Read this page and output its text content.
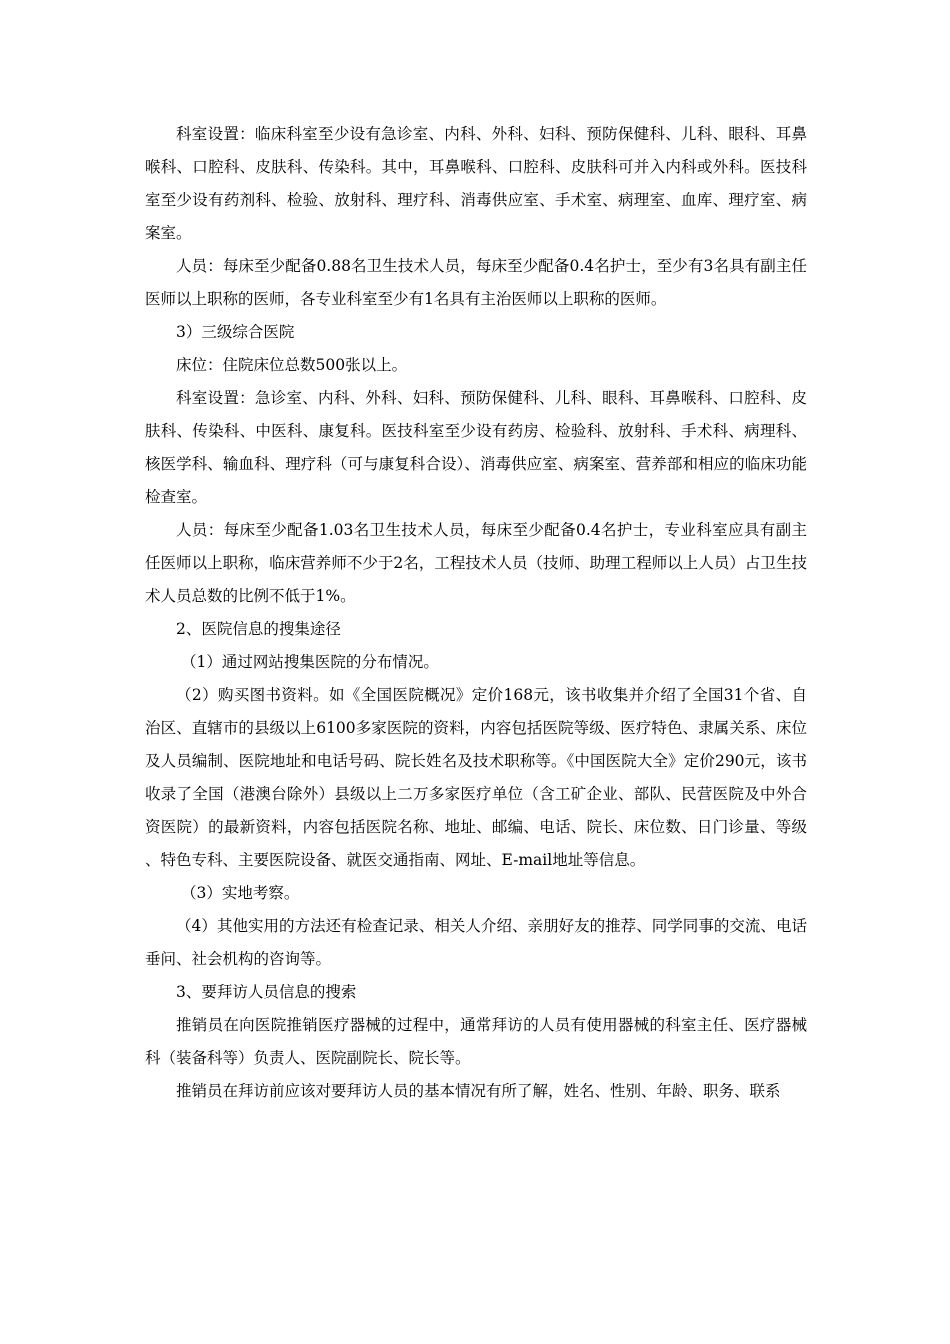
科室设置：临床科室至少设有急诊室、内科、外科、妇科、预防保健科、儿科、眼科、耳鼻喉科、口腔科、皮肤科、传染科。其中，耳鼻喉科、口腔科、皮肤科可并入内科或外科。医技科室至少设有药剂科、检验、放射科、理疗科、消毒供应室、手术室、病理室、血库、理疗室、病案室。

人员：每床至少配备0.88名卫生技术人员，每床至少配备0.4名护士，至少有3名具有副主任医师以上职称的医师，各专业科室至少有1名具有主治医师以上职称的医师。

3）三级综合医院

床位：住院床位总数500张以上。

科室设置：急诊室、内科、外科、妇科、预防保健科、儿科、眼科、耳鼻喉科、口腔科、皮肤科、传染科、中医科、康复科。医技科室至少设有药房、检验科、放射科、手术科、病理科、核医学科、输血科、理疗科（可与康复科合设）、消毒供应室、病案室、营养部和相应的临床功能检查室。

人员：每床至少配备1.03名卫生技术人员，每床至少配备0.4名护士，专业科室应具有副主任医师以上职称，临床营养师不少于2名，工程技术人员（技师、助理工程师以上人员）占卫生技术人员总数的比例不低于1%。

2、医院信息的搜集途径

（1）通过网站搜集医院的分布情况。

（2）购买图书资料。如《全国医院概况》定价168元，该书收集并介绍了全国31个省、自治区、直辖市的县级以上6100多家医院的资料，内容包括医院等级、医疗特色、隶属关系、床位及人员编制、医院地址和电话号码、院长姓名及技术职称等。《中国医院大全》定价290元，该书收录了全国（港澳台除外）县级以上二万多家医疗单位（含工矿企业、部队、民营医院及中外合资医院）的最新资料，内容包括医院名称、地址、邮编、电话、院长、床位数、日门诊量、等级、特色专科、主要医院设备、就医交通指南、网址、E-mail地址等信息。

（3）实地考察。

（4）其他实用的方法还有检查记录、相关人介绍、亲朋好友的推荐、同学同事的交流、电话垂问、社会机构的咨询等。

3、要拜访人员信息的搜索

推销员在向医院推销医疗器械的过程中，通常拜访的人员有使用器械的科室主任、医疗器械科（装备科等）负责人、医院副院长、院长等。

推销员在拜访前应该对要拜访人员的基本情况有所了解，姓名、性别、年龄、职务、联系
